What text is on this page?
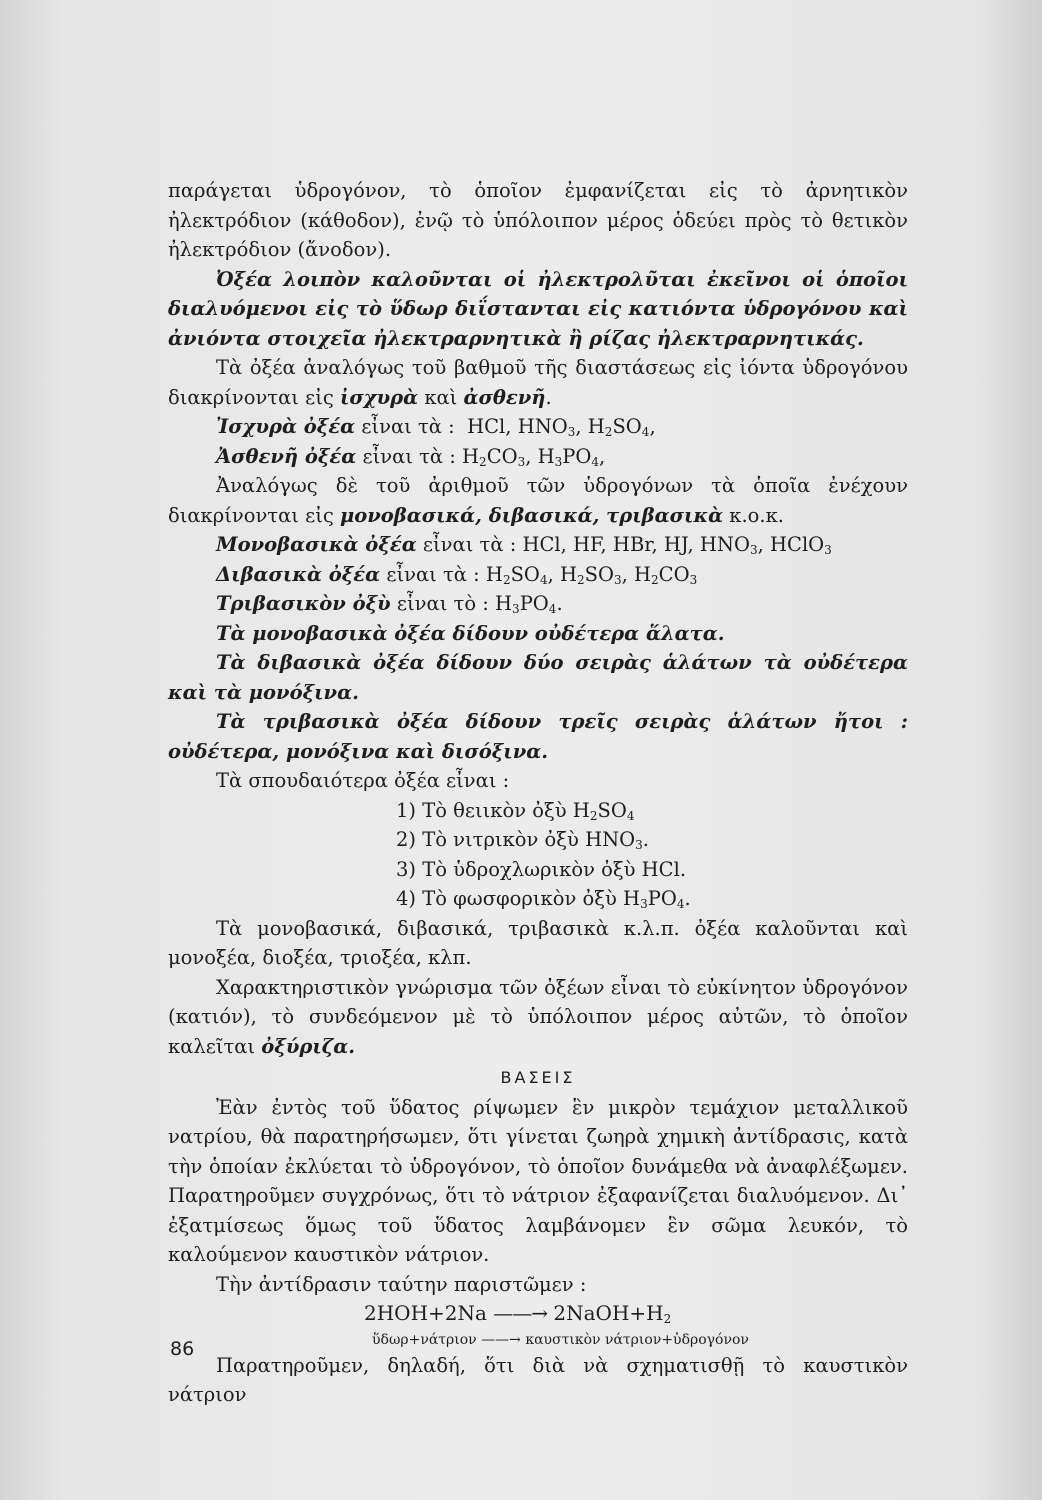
παράγεται ὑδρογόνον, τὸ ὁποῖον ἐμφανίζεται εἰς τὸ ἀρνητικὸν ἠλεκτρόδιον (κάθοδον), ἐνῷ τὸ ὑπόλοιπον μέρος ὁδεύει πρὸς τὸ θετικὸν ἠλεκτρόδιον (ἄνοδον).

Ὀξέα λοιπὸν καλοῦνται οἱ ἠλεκτρολῦται ἐκεῖνοι οἱ ὁποῖοι διαλυόμενοι εἰς τὸ ὕδωρ διΐστανται εἰς κατιόντα ὑδρογόνου καὶ ἀνιόντα στοιχεῖα ἠλεκτραρνητικὰ ἢ ρίζας ἠλεκτραρνητικάς.

Τὰ ὀξέα ἀναλόγως τοῦ βαθμοῦ τῆς διαστάσεως εἰς ἰόντα ὑδρογόνου διακρίνονται εἰς ἰσχυρὰ καὶ ἀσθενῆ.

Ἰσχυρὰ ὀξέα εἶναι τὰ :  HCl, $HNO_3$, $H_2SO_4$,

Ἀσθενῆ ὀξέα εἶναι τὰ : $H_2CO_3$, $H_3PO_4$,

Ἀναλόγως δὲ τοῦ ἀριθμοῦ τῶν ὑδρογόνων τὰ ὁποῖα ἐνέχουν διακρίνονται εἰς μονοβασικά, διβασικά, τριβασικὰ κ.ο.κ.

Μονοβασικὰ ὀξέα εἶναι τὰ : HCl, HF, HBr, HJ, $HNO_3$, HClO$_3$

Διβασικὰ ὀξέα εἶναι τὰ : $H_2SO_4$, $H_2SO_3$, $H_2CO_3$

Τριβασικὸν ὀξὺ εἶναι τὸ : $H_3PO_4$.

Τὰ μονοβασικὰ ὀξέα δίδουν οὐδέτερα ἅλατα.

Τὰ διβασικὰ ὀξέα δίδουν δύο σειρὰς ἁλάτων τὰ οὐδέτερα καὶ τὰ μονόξινα.

Τὰ τριβασικὰ ὀξέα δίδουν τρεῖς σειρὰς ἁλάτων ἤτοι : οὐδέτερα, μονόξινα καὶ δισόξινα.

Τὰ σπουδαιότερα ὀξέα εἶναι :

1) Τὸ θειικὸν ὀξὺ $H_2SO_4$

2) Τὸ νιτρικὸν ὀξὺ $HNO_3$.

3) Τὸ ὑδροχλωρικὸν ὀξὺ HCl.

4) Τὸ φωσφορικὸν ὀξὺ $H_3PO_4$.

Τὰ μονοβασικά, διβασικά, τριβασικὰ κ.λ.π. ὀξέα καλοῦνται καὶ μονοξέα, διοξέα, τριοξέα, κλπ.

Χαρακτηριστικὸν γνώρισμα τῶν ὀξέων εἶναι τὸ εὐκίνητον ὑδρογόνον (κατιόν), τὸ συνδεόμενον μὲ τὸ ὑπόλοιπον μέρος αὐτῶν, τὸ ὁποῖον καλεῖται ὀξύριζα.

ΒΑΣΕΙΣ

Ἐὰν ἐντὸς τοῦ ὕδατος ρίψωμεν ἓν μικρὸν τεμάχιον μεταλλικοῦ νατρίου, θὰ παρατηρήσωμεν, ὅτι γίνεται ζωηρὰ χημικὴ ἀντίδρασις, κατὰ τὴν ὁποίαν ἐκλύεται τὸ ὑδρογόνον, τὸ ὁποῖον δυνάμεθα νὰ ἀναφλέξωμεν. Παρατηροῦμεν συγχρόνως, ὅτι τὸ νάτριον ἐξαφανίζεται διαλυόμενον. Δι᾽ ἐξατμίσεως ὅμως τοῦ ὕδατος λαμβάνομεν ἓν σῶμα λευκόν, τὸ καλούμενον καυστικὸν νάτριον.

Τὴν ἀντίδρασιν ταύτην παριστῶμεν :

2HOH+2Na ——→ $2NaOH+H_2$

ὕδωρ+νάτριον ——→ καυστικὸν νάτριον+ὑδρογόνον

Παρατηροῦμεν, δηλαδή, ὅτι διὰ νὰ σχηματισθῇ τὸ καυστικὸν νάτριον

86
